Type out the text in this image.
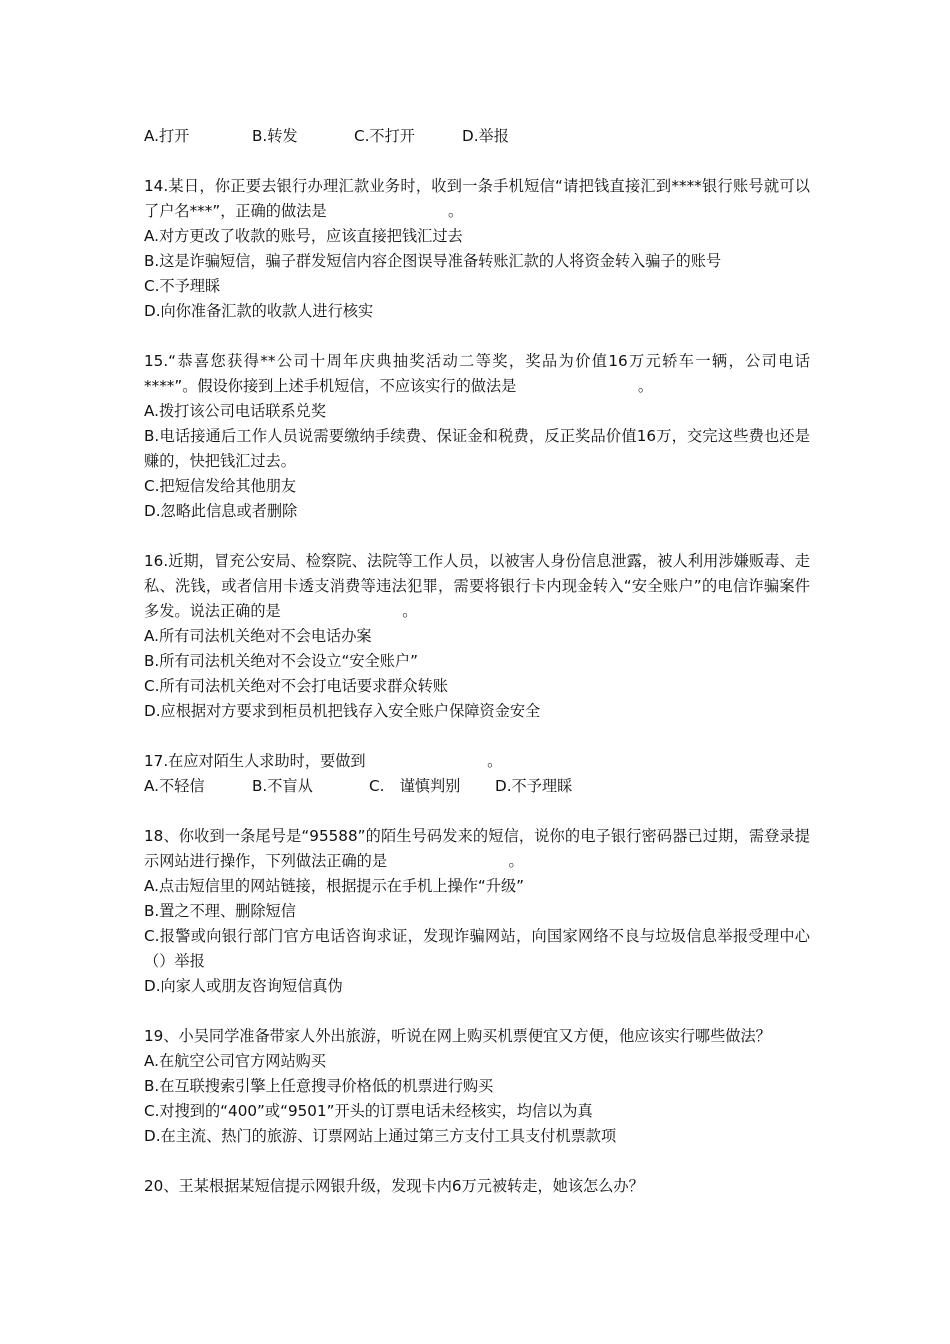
A.打开	B.转发	C.不打开	D.举报
14.某日，你正要去银行办理汇款业务时，收到一条手机短信“请把钱直接汇到****银行账号就可以了户名***”，正确的做法是　　　　　　　　。
A.对方更改了收款的账号，应该直接把钱汇过去
B.这是诈骗短信，骗子群发短信内容企图误导准备转账汇款的人将资金转入骗子的账号
C.不予理睬
D.向你准备汇款的收款人进行核实
15.“恭喜您获得**公司十周年庆典抽奖活动二等奖，奖品为价值16万元轿车一辆，公司电话****”。假设你接到上述手机短信，不应该实行的做法是　　　　　　　　。
A.拨打该公司电话联系兑奖
B.电话接通后工作人员说需要缴纳手续费、保证金和税费，反正奖品价值16万，交完这些费也还是赚的，快把钱汇过去。
C.把短信发给其他朋友
D.忽略此信息或者删除
16.近期，冒充公安局、检察院、法院等工作人员，以被害人身份信息泄露，被人利用涉嫌贩毒、走私、洗钱，或者信用卡透支消费等违法犯罪，需要将银行卡内现金转入“安全账户”的电信诈骗案件多发。说法正确的是　　　　　　　　。
A.所有司法机关绝对不会电话办案
B.所有司法机关绝对不会设立“安全账户”
C.所有司法机关绝对不会打电话要求群众转账
D.应根据对方要求到柜员机把钱存入安全账户保障资金安全
17.在应对陌生人求助时，要做到　　　　　　　　。
A.不轻信	B.不盲从	C.　谨慎判别	D.不予理睬
18、你收到一条尾号是“95588”的陌生号码发来的短信，说你的电子银行密码器已过期，需登录提示网站进行操作，下列做法正确的是　　　　　　　　。
A.点击短信里的网站链接，根据提示在手机上操作“升级”
B.置之不理、删除短信
C.报警或向银行部门官方电话咨询求证，发现诈骗网站，向国家网络不良与垃圾信息举报受理中心（）举报
D.向家人或朋友咨询短信真伪
19、小吴同学准备带家人外出旅游，听说在网上购买机票便宜又方便，他应该实行哪些做法？
A.在航空公司官方网站购买
B.在互联搜索引擎上任意搜寻价格低的机票进行购买
C.对搜到的“400”或“9501”开头的订票电话未经核实，均信以为真
D.在主流、热门的旅游、订票网站上通过第三方支付工具支付机票款项
20、王某根据某短信提示网银升级，发现卡内6万元被转走，她该怎么办？
